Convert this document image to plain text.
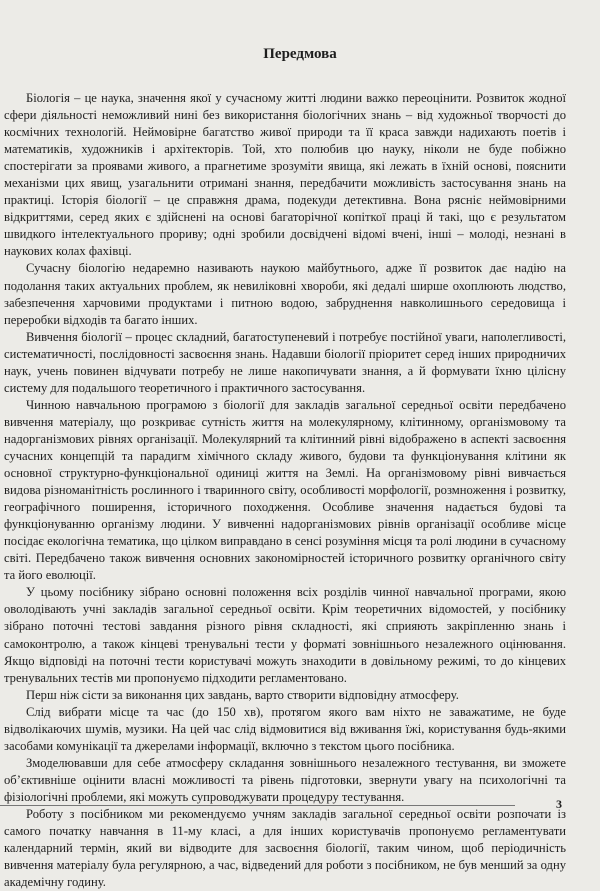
Передмова

Біологія – це наука, значення якої у сучасному житті людини важко переоцінити. Розвиток жодної сфери діяльності неможливий нині без використання біологічних знань – від художньої творчості до космічних технологій. Неймовірне багатство живої природи та її краса завжди надихають поетів і математиків, художників і архітекторів. Той, хто полюбив цю науку, ніколи не буде побіжно спостерігати за проявами живого, а прагнетиме зрозуміти явища, які лежать в їхній основі, пояснити механізми цих явищ, узагальнити отримані знання, передбачити можливість застосування знань на практиці. Історія біології – це справжня драма, подекуди детективна. Вона рясніє неймовірними відкриттями, серед яких є здійснені на основі багаторічної копіткої праці й такі, що є результатом швидкого інтелектуального прориву; одні зробили досвідчені відомі вчені, інші – молоді, незнані в наукових колах фахівці.

Сучасну біологію недаремно називають наукою майбутнього, адже її розвиток дає надію на подолання таких актуальних проблем, як невиліковні хвороби, які дедалі ширше охоплюють людство, забезпечення харчовими продуктами і питною водою, забруднення навколишнього середовища і переробки відходів та багато інших.

Вивчення біології – процес складний, багатоступеневий і потребує постійної уваги, наполегливості, систематичності, послідовності засвоєння знань. Надавши біології пріоритет серед інших природничих наук, учень повинен відчувати потребу не лише накопичувати знання, а й формувати їхню цілісну систему для подальшого теоретичного і практичного застосування.

Чинною навчальною програмою з біології для закладів загальної середньої освіти передбачено вивчення матеріалу, що розкриває сутність життя на молекулярному, клітинному, організмовому та надорганізмових рівнях організації. Молекулярний та клітинний рівні відображено в аспекті засвоєння сучасних концепцій та парадигм хімічного складу живого, будови та функціонування клітини як основної структурно-функціональної одиниці життя на Землі. На організмовому рівні вивчається видова різноманітність рослинного і тваринного світу, особливості морфології, розмноження і розвитку, географічного поширення, історичного походження. Особливе значення надається будові та функціонуванню організму людини. У вивченні надорганізмових рівнів організації особливе місце посідає екологічна тематика, що цілком виправдано в сенсі розуміння місця та ролі людини в сучасному світі. Передбачено також вивчення основних закономірностей історичного розвитку органічного світу та його еволюції.

У цьому посібнику зібрано основні положення всіх розділів чинної навчальної програми, якою оволодівають учні закладів загальної середньої освіти. Крім теоретичних відомостей, у посібнику зібрано поточні тестові завдання різного рівня складності, які сприяють закріпленню знань і самоконтролю, а також кінцеві тренувальні тести у форматі зовнішнього незалежного оцінювання. Якщо відповіді на поточні тести користувачі можуть знаходити в довільному режимі, то до кінцевих тренувальних тестів ми пропонуємо підходити регламентовано.

Перш ніж сісти за виконання цих завдань, варто створити відповідну атмосферу.

Слід вибрати місце та час (до 150 хв), протягом якого вам ніхто не заважатиме, не буде відволікаючих шумів, музики. На цей час слід відмовитися від вживання їжі, користування будь-якими засобами комунікації та джерелами інформації, включно з текстом цього посібника.

Змоделювавши для себе атмосферу складання зовнішнього незалежного тестування, ви зможете об’єктивніше оцінити власні можливості та рівень підготовки, звернути увагу на психологічні та фізіологічні проблеми, які можуть супроводжувати процедуру тестування.

Роботу з посібником ми рекомендуємо учням закладів загальної середньої освіти розпочати із самого початку навчання в 11-му класі, а для інших користувачів пропонуємо регламентувати календарний термін, який ви відводите для засвоєння біології, таким чином, щоб періодичність вивчення матеріалу була регулярною, а час, відведений для роботи з посібником, не був менший за одну академічну годину.

3
